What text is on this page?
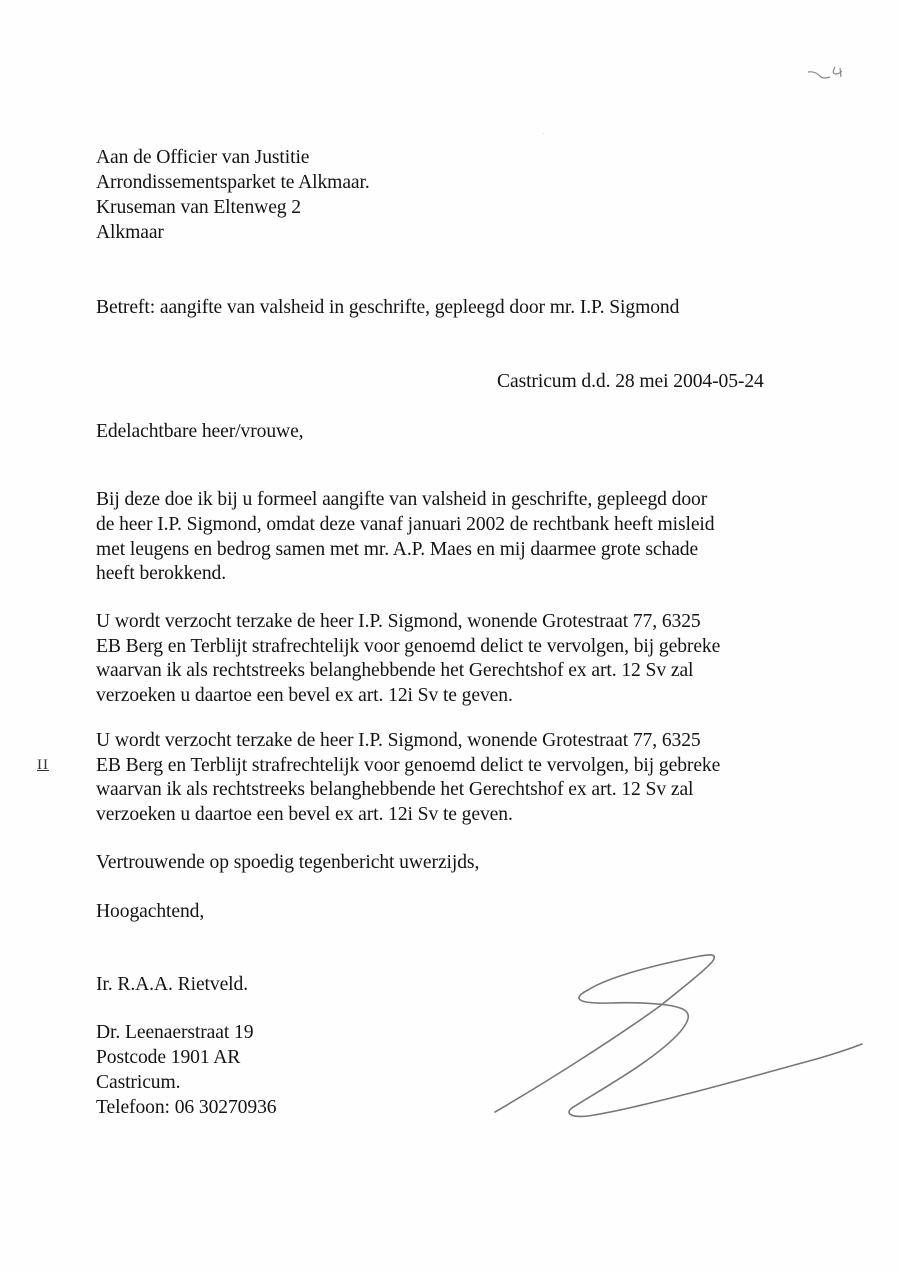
Aan de Officier van Justitie
Arrondissementsparket te Alkmaar.
Kruseman van Eltenweg 2
Alkmaar
Betreft: aangifte van valsheid in geschrifte, gepleegd door mr. I.P. Sigmond
Castricum d.d. 28 mei 2004-05-24
Edelachtbare heer/vrouwe,
Bij deze doe ik bij u formeel aangifte van valsheid in geschrifte, gepleegd door
de heer I.P. Sigmond, omdat deze vanaf januari 2002 de rechtbank heeft misleid
met leugens en bedrog samen met mr. A.P. Maes en mij daarmee grote schade
heeft berokkend.
U wordt verzocht terzake de heer I.P. Sigmond, wonende Grotestraat 77, 6325
EB Berg en Terblijt strafrechtelijk voor genoemd delict te vervolgen, bij gebreke
waarvan ik als rechtstreeks belanghebbende het Gerechtshof ex art. 12 Sv zal
verzoeken u daartoe een bevel ex art. 12i Sv te geven.
II
U wordt verzocht terzake de heer I.P. Sigmond, wonende Grotestraat 77, 6325
EB Berg en Terblijt strafrechtelijk voor genoemd delict te vervolgen, bij gebreke
waarvan ik als rechtstreeks belanghebbende het Gerechtshof ex art. 12 Sv zal
verzoeken u daartoe een bevel ex art. 12i Sv te geven.
Vertrouwende op spoedig tegenbericht uwerzijds,
Hoogachtend,
Ir. R.A.A. Rietveld.
Dr. Leenaerstraat 19
Postcode 1901 AR
Castricum.
Telefoon: 06 30270936
